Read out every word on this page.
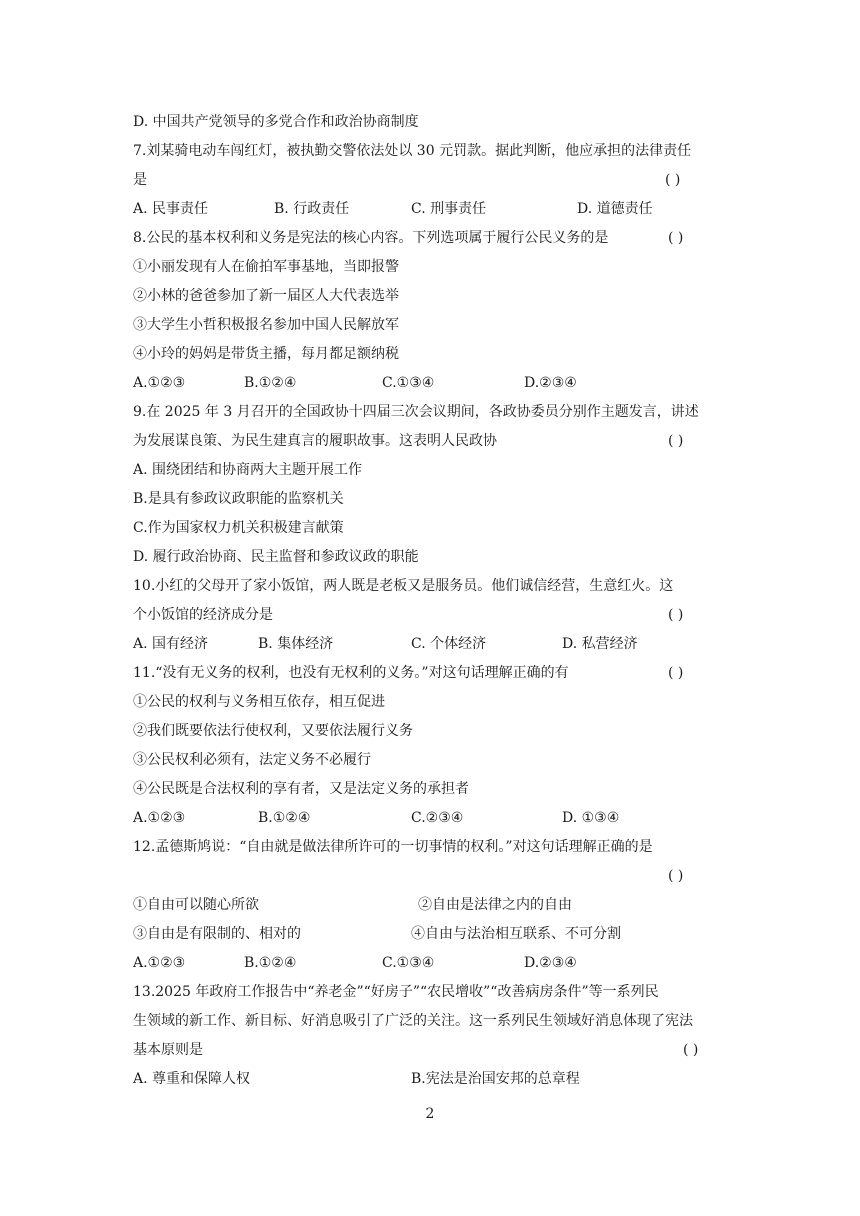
D. 中国共产党领导的多党合作和政治协商制度
7.刘某骑电动车闯红灯，被执勤交警依法处以 30 元罚款。据此判断，他应承担的法律责任
是	( )
A. 民事责任	B. 行政责任	C. 刑事责任	D. 道德责任
8.公民的基本权利和义务是宪法的核心内容。下列选项属于履行公民义务的是	( )
①小丽发现有人在偷拍军事基地，当即报警
②小林的爸爸参加了新一届区人大代表选举
③大学生小哲积极报名参加中国人民解放军
④小玲的妈妈是带货主播，每月都足额纳税
A.①②③	B.①②④	C.①③④	D.②③④
9.在 2025 年 3 月召开的全国政协十四届三次会议期间，各政协委员分别作主题发言，讲述
为发展谋良策、为民生建真言的履职故事。这表明人民政协	( )
A. 围绕团结和协商两大主题开展工作
B.是具有参政议政职能的监察机关
C.作为国家权力机关积极建言献策
D. 履行政治协商、民主监督和参政议政的职能
10.小红的父母开了家小饭馆，两人既是老板又是服务员。他们诚信经营，生意红火。这
个小饭馆的经济成分是	( )
A. 国有经济	B. 集体经济	C. 个体经济	D. 私营经济
11.“没有无义务的权利，也没有无权利的义务。”对这句话理解正确的有	( )
①公民的权利与义务相互依存，相互促进
②我们既要依法行使权利，又要依法履行义务
③公民权利必须有，法定义务不必履行
④公民既是合法权利的享有者，又是法定义务的承担者
A.①②③	B.①②④	C.②③④	D. ①③④
12.孟德斯鸠说：“自由就是做法律所许可的一切事情的权利。”对这句话理解正确的是
( )
①自由可以随心所欲	②自由是法律之内的自由
③自由是有限制的、相对的	④自由与法治相互联系、不可分割
A.①②③	B.①②④	C.①③④	D.②③④
13.2025 年政府工作报告中“养老金”“好房子”“农民增收”“改善病房条件”等一系列民
生领域的新工作、新目标、好消息吸引了广泛的关注。这一系列民生领域好消息体现了宪法
基本原则是	( )
A. 尊重和保障人权	B.宪法是治国安邦的总章程
2
